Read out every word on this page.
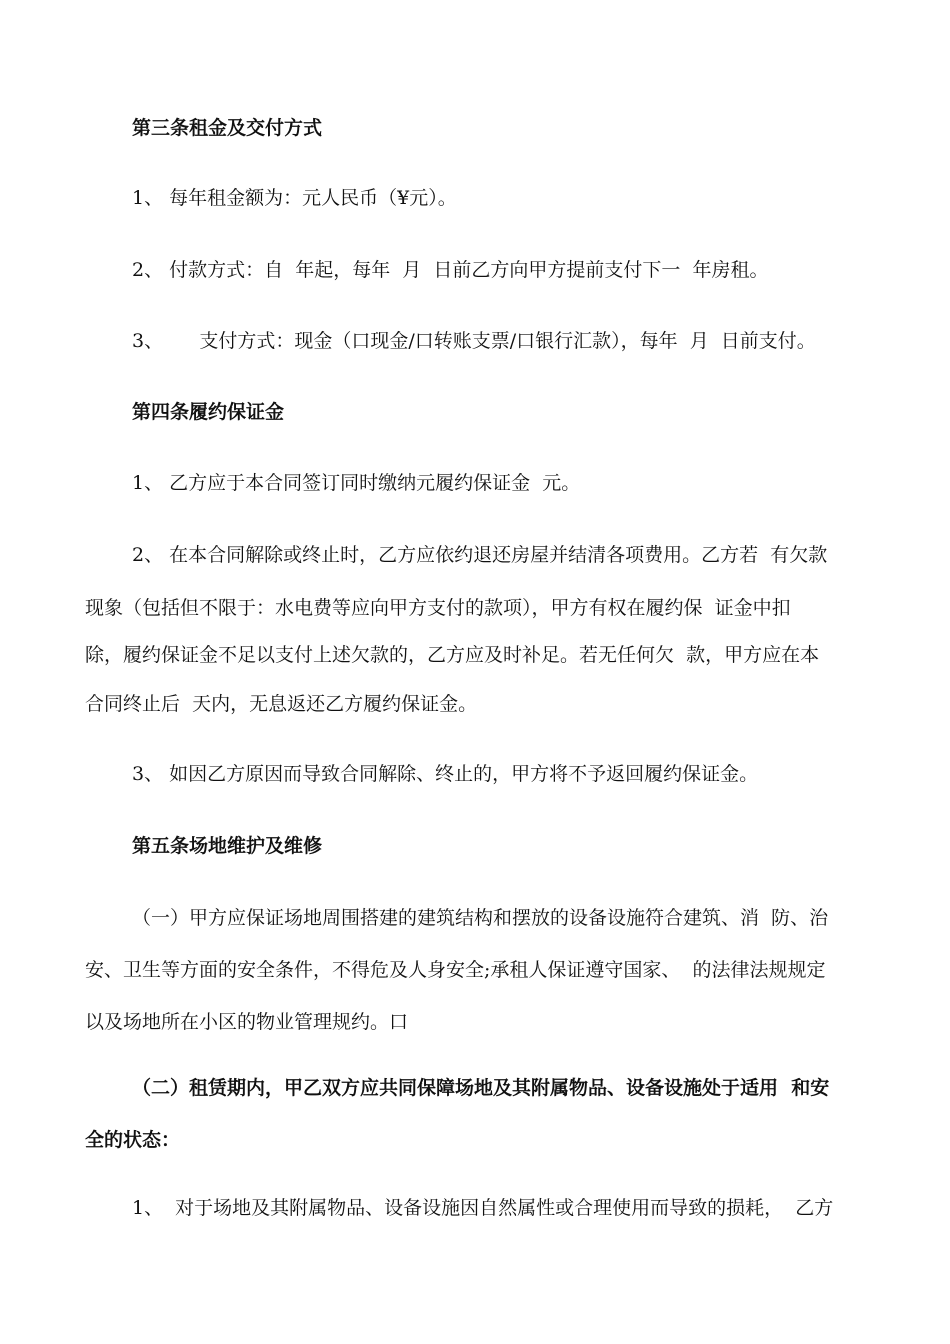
第三条租金及交付方式
1、 每年租金额为：元人民币（¥元）。
2、 付款方式：自  年起，每年  月  日前乙方向甲方提前支付下一  年房租。
3、      支付方式：现金（口现金/口转账支票/口银行汇款），每年  月  日前支付。
第四条履约保证金
1、 乙方应于本合同签订同时缴纳元履约保证金  元。
2、 在本合同解除或终止时，乙方应依约退还房屋并结清各项费用。乙方若  有欠款
现象（包括但不限于：水电费等应向甲方支付的款项），甲方有权在履约保  证金中扣
除，履约保证金不足以支付上述欠款的，乙方应及时补足。若无任何欠  款，甲方应在本
合同终止后  天内，无息返还乙方履约保证金。
3、 如因乙方原因而导致合同解除、终止的，甲方将不予返回履约保证金。
第五条场地维护及维修
（一）甲方应保证场地周围搭建的建筑结构和摆放的设备设施符合建筑、消  防、治
安、卫生等方面的安全条件，不得危及人身安全;承租人保证遵守国家、  的法律法规规定
以及场地所在小区的物业管理规约。口
（二）租赁期内，甲乙双方应共同保障场地及其附属物品、设备设施处于适用  和安
全的状态：
1、  对于场地及其附属物品、设备设施因自然属性或合理使用而导致的损耗，  乙方
